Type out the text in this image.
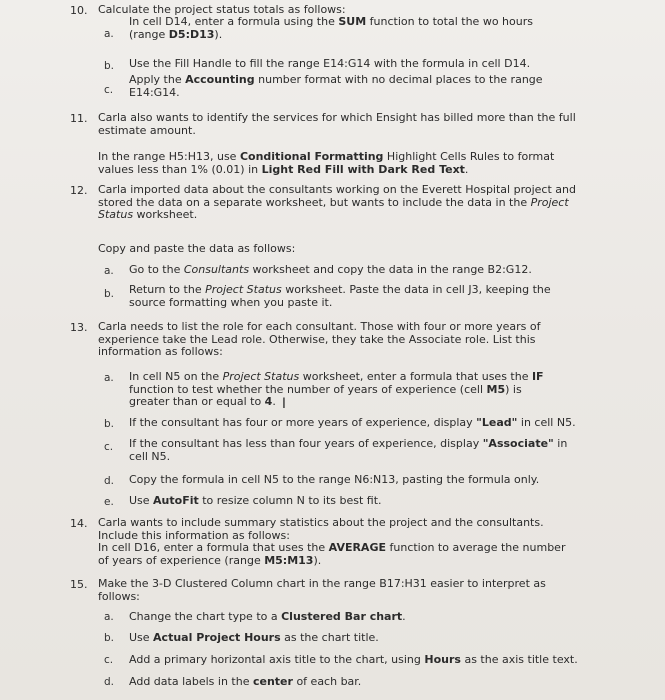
10. Calculate the project status totals as follows:
a.
In cell D14, enter a formula using the SUM function to total the wo hours (range D5:D13).
b. Use the Fill Handle to fill the range E14:G14 with the formula in cell D14.
c.
Apply the Accounting number format with no decimal places to the range E14:G14.
11. Carla also wants to identify the services for which Ensight has billed more than the full estimate amount.
In the range H5:H13, use Conditional Formatting Highlight Cells Rules to format values less than 1% (0.01) in Light Red Fill with Dark Red Text.
12. Carla imported data about the consultants working on the Everett Hospital project and stored the data on a separate worksheet, but wants to include the data in the Project Status worksheet.
Copy and paste the data as follows:
a. Go to the Consultants worksheet and copy the data in the range B2:G12.
b. Return to the Project Status worksheet. Paste the data in cell J3, keeping the source formatting when you paste it.
13. Carla needs to list the role for each consultant. Those with four or more years of experience take the Lead role. Otherwise, they take the Associate role. List this information as follows:
a. In cell N5 on the Project Status worksheet, enter a formula that uses the IF function to test whether the number of years of experience (cell M5) is greater than or equal to 4. I
b. If the consultant has four or more years of experience, display "Lead" in cell N5.
c. If the consultant has less than four years of experience, display "Associate" in cell N5.
d. Copy the formula in cell N5 to the range N6:N13, pasting the formula only.
e. Use AutoFit to resize column N to its best fit.
14. Carla wants to include summary statistics about the project and the consultants. Include this information as follows:
In cell D16, enter a formula that uses the AVERAGE function to average the number of years of experience (range M5:M13).
15. Make the 3-D Clustered Column chart in the range B17:H31 easier to interpret as follows:
a. Change the chart type to a Clustered Bar chart.
b. Use Actual Project Hours as the chart title.
c. Add a primary horizontal axis title to the chart, using Hours as the axis title text.
d. Add data labels in the center of each bar.
